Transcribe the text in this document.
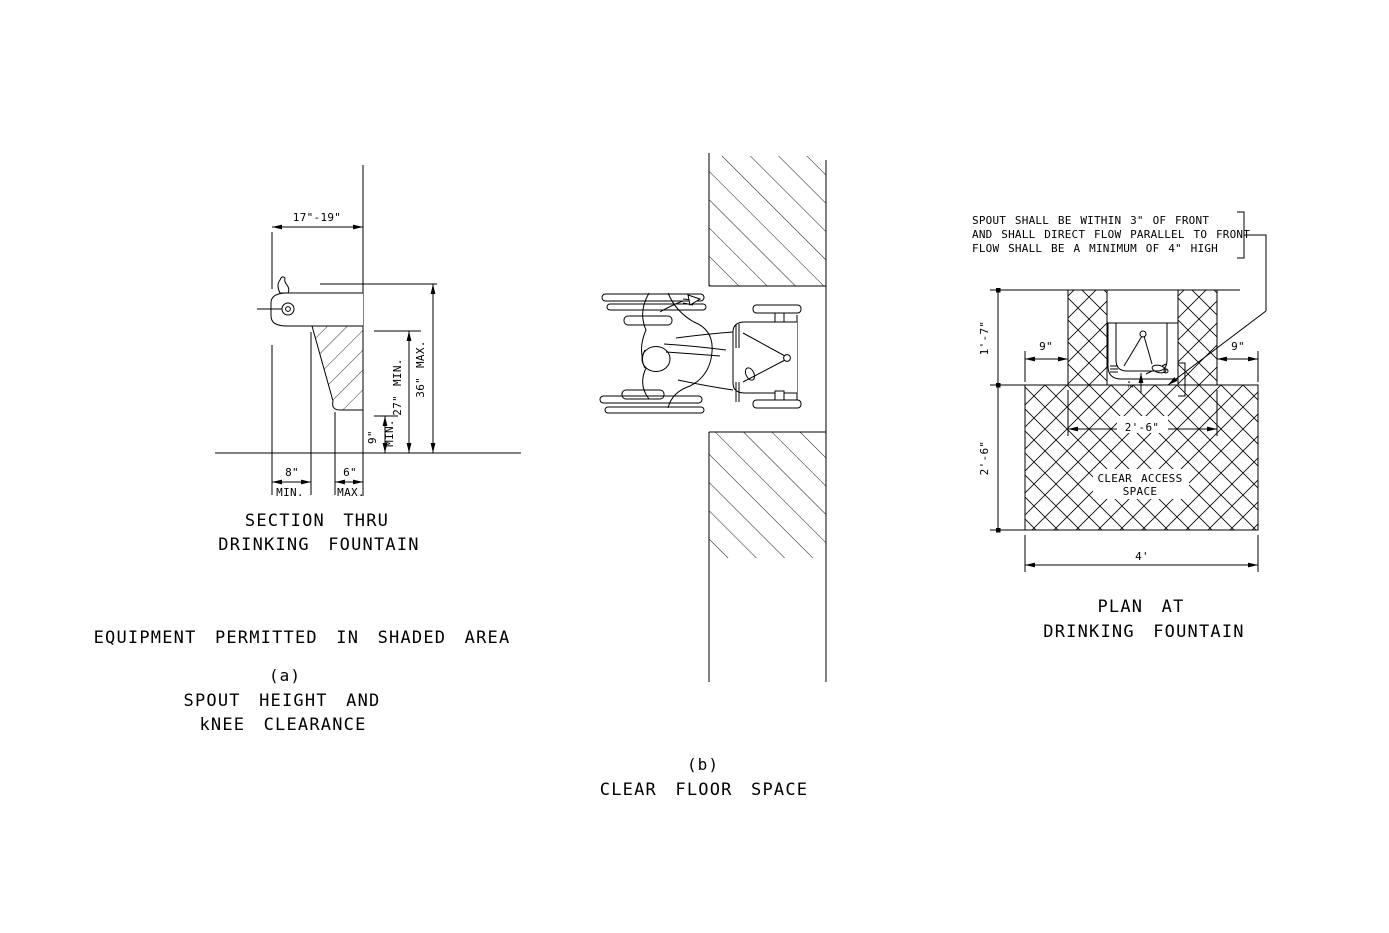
17"-19"
36" MAX.
27" MIN.
9" MIN.
8"
MIN.
6"
MAX.
SECTION THRU
DRINKING FOUNTAIN
EQUIPMENT PERMITTED IN SHADED AREA
(a)
SPOUT HEIGHT AND
kNEE CLEARANCE
(b)
CLEAR FLOOR SPACE
SPOUT SHALL BE WITHIN 3" OF FRONT
AND SHALL DIRECT FLOW PARALLEL TO FRONT
FLOW SHALL BE A MINIMUM OF 4" HIGH
CLEAR ACCESS
SPACE
3"
9"	9"
2'-6"
4'
1'-7"
2'-6"
PLAN AT
DRINKING FOUNTAIN
